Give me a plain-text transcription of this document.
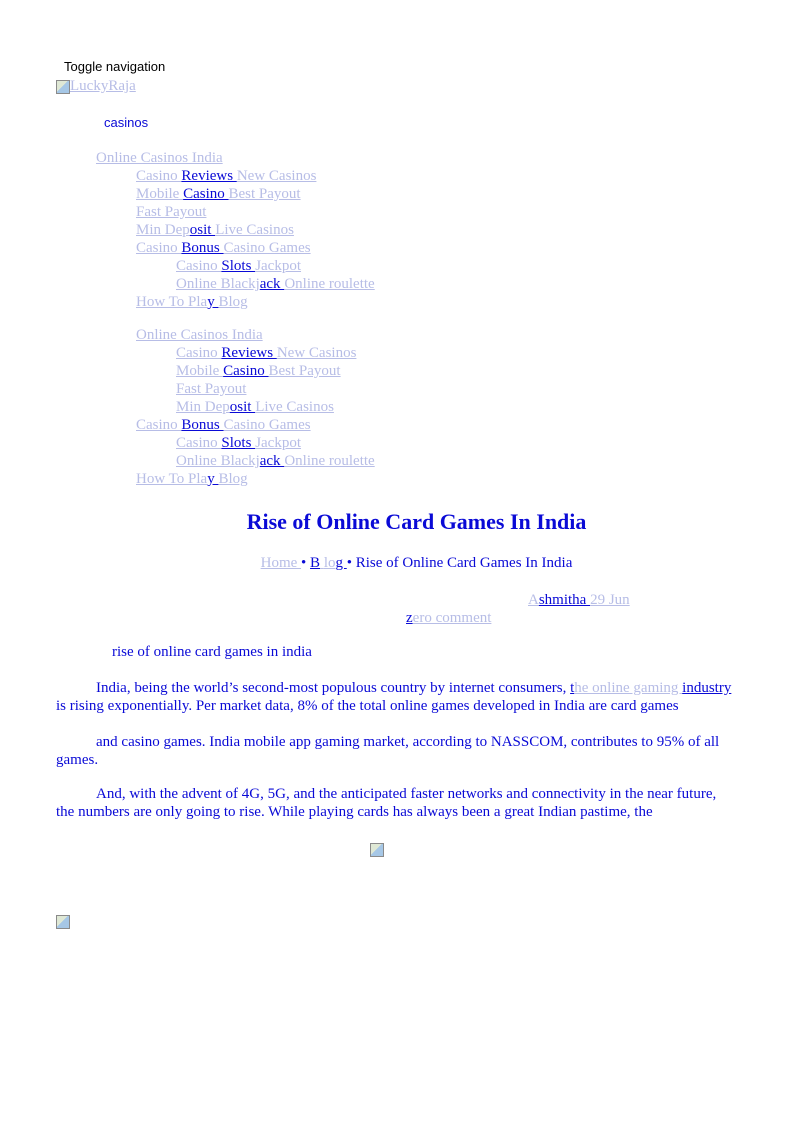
Toggle navigation
LuckyRaja
casinos
Online Casinos India
Casino Reviews New Casinos
Mobile Casino Best Payout
Fast Payout
Min Deposit Live Casinos
Casino Bonus Casino Games
Casino Slots Jackpot
Online Blackjack Online roulette
How To Play Blog
Online Casinos India
Casino Reviews New Casinos
Mobile Casino Best Payout
Fast Payout
Min Deposit Live Casinos
Casino Bonus Casino Games
Casino Slots Jackpot
Online Blackjack Online roulette
How To Play Blog
Rise of Online Card Games In India
Home • B log • Rise of Online Card Games In India
Ashmitha 29 Jun
zero comment
rise of online card games in india
India, being the world’s second-most populous country by internet consumers, the online gaming industry is rising exponentially. Per market data, 8% of the total online games developed in India are card games
and casino games. India mobile app gaming market, according to NASSCOM, contributes to 95% of all games.
And, with the advent of 4G, 5G, and the anticipated faster networks and connectivity in the near future, the numbers are only going to rise. While playing cards has always been a great Indian pastime, the
